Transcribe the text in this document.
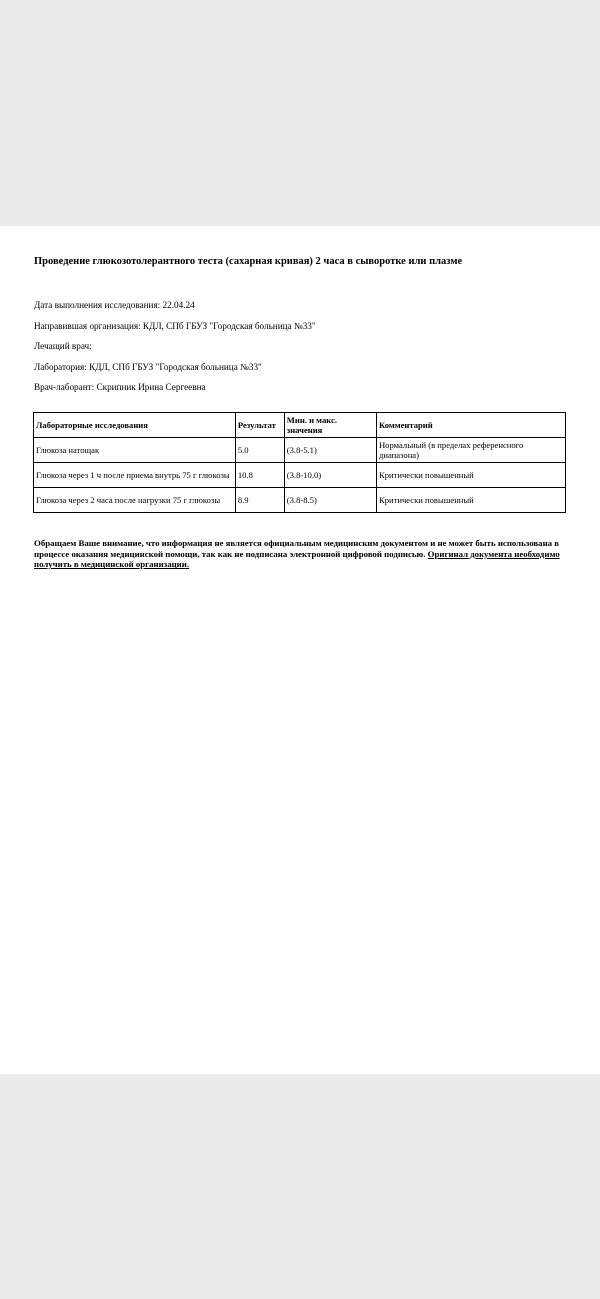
Проведение глюкозотолерантного теста (сахарная кривая) 2 часа в сыворотке или плазме

Дата выполнения исследования: 22.04.24

Направившая организация: КДЛ, СПб ГБУЗ "Городская больница №33"

Лечащий врач:

Лаборатория: КДЛ, СПб ГБУЗ "Городская больница №33"

Врач-лаборант: Скрипник Ирина Сергеевна

Лабораторные исследования	Результат	Мин. и макс. значения	Комментарий
Глюкоза натощак	5.0	(3.8-5.1)	Нормальный (в пределах референсного диапазона)
Глюкоза через 1 ч после приема внутрь 75 г глюкозы	10.8	(3.8-10.0)	Критически повышенный
Глюкоза через 2 часа после нагрузки 75 г глюкозы	8.9	(3.8-8.5)	Критически повышенный

Обращаем Ваше внимание, что информация не является официальным медицинским документом и не может быть использована в процессе оказания медицинской помощи, так как не подписана электронной цифровой подписью. Оригинал документа необходимо получить в медицинской организации.
